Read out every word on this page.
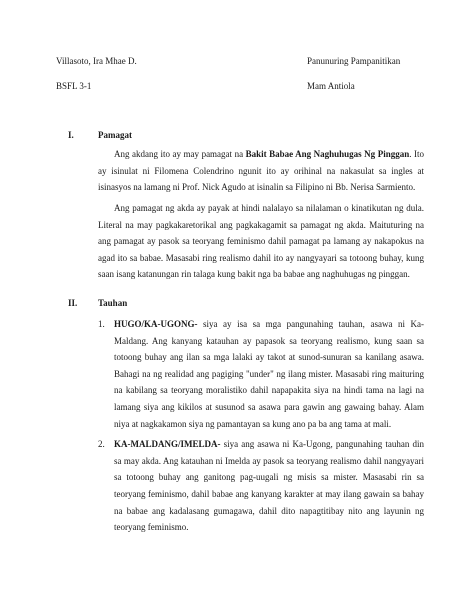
Villasoto, Ira Mhae D.	Panunuring Pampanitikan
BSFL 3-1	Mam Antiola
I.	Pamagat
Ang akdang ito ay may pamagat na Bakit Babae Ang Naghuhugas Ng Pinggan. Ito ay isinulat ni Filomena Colendrino ngunit ito ay orihinal na nakasulat sa ingles at isinasyos na lamang ni Prof. Nick Agudo at isinalin sa Filipino ni Bb. Nerisa Sarmiento.
Ang pamagat ng akda ay payak at hindi nalalayo sa nilalaman o kinatikutan ng dula. Literal na may pagkakaretorikal ang pagkakagamit sa pamagat ng akda. Maituturing na ang pamagat ay pasok sa teoryang feminismo dahil pamagat pa lamang ay nakapokus na agad ito sa babae. Masasabi ring realismo dahil ito ay nangyayari sa totoong buhay, kung saan isang katanungan rin talaga kung bakit nga ba babae ang naghuhugas ng pinggan.
II. Tauhan
1. HUGO/KA-UGONG- siya ay isa sa mga pangunahing tauhan, asawa ni Ka-Maldang. Ang kanyang katauhan ay papasok sa teoryang realismo, kung saan sa totoong buhay ang ilan sa mga lalaki ay takot at sunod-sunuran sa kanilang asawa. Bahagi na ng realidad ang pagiging "under" ng ilang mister. Masasabi ring maituring na kabilang sa teoryang moralistiko dahil napapakita siya na hindi tama na lagi na lamang siya ang kikilos at susunod sa asawa para gawin ang gawaing bahay. Alam niya at nagkakamon siya ng pamantayan sa kung ano pa ba ang tama at mali.
2. KA-MALDANG/IMELDA- siya ang asawa ni Ka-Ugong, pangunahing tauhan din sa may akda. Ang katauhan ni Imelda ay pasok sa teoryang realismo dahil nangyayari sa totoong buhay ang ganitong pag-uugali ng misis sa mister. Masasabi rin sa teoryang feminismo, dahil babae ang kanyang karakter at may ilang gawain sa bahay na babae ang kadalasang gumagawa, dahil dito napagtitibay nito ang layunin ng teoryang feminismo.
